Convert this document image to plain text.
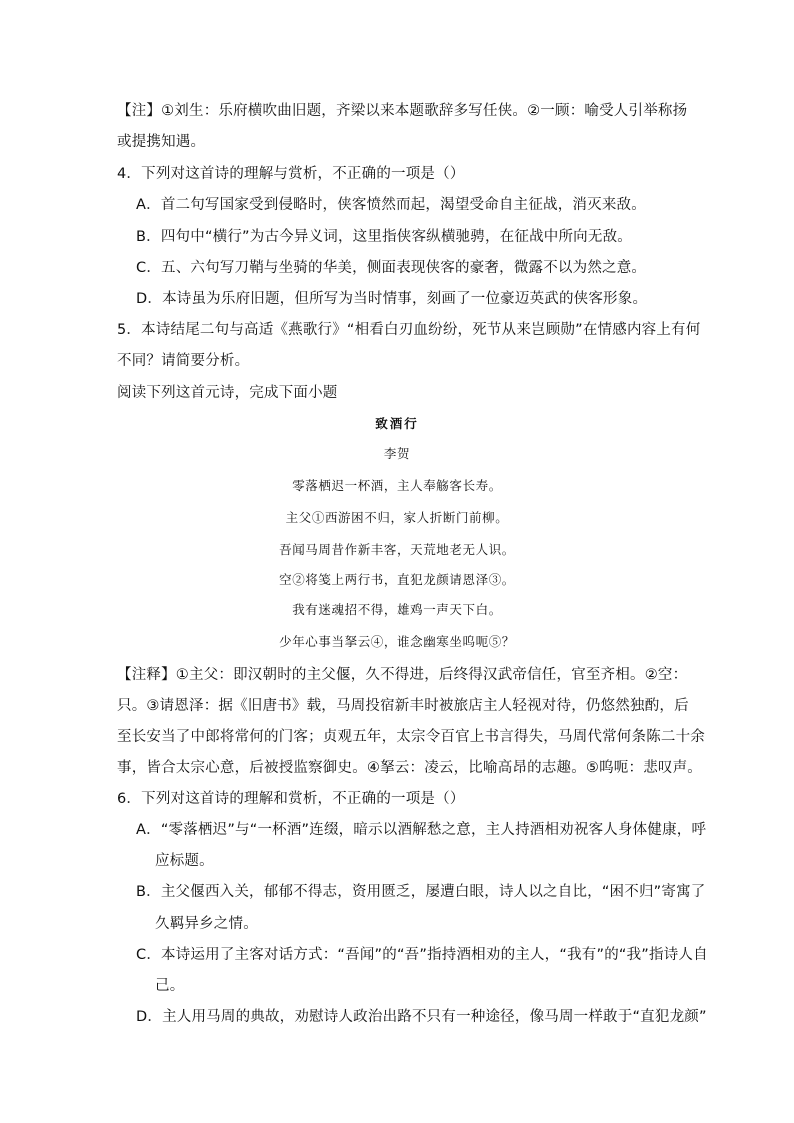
【注】①刘生：乐府横吹曲旧题，齐梁以来本题歌辞多写任侠。②一顾：喻受人引举称扬
或提携知遇。
4．下列对这首诗的理解与赏析，不正确的一项是（）
A．首二句写国家受到侵略时，侠客愤然而起，渴望受命自主征战，消灭来敌。
B．四句中“横行”为古今异义词，这里指侠客纵横驰骋，在征战中所向无敌。
C．五、六句写刀鞘与坐骑的华美，侧面表现侠客的豪奢，微露不以为然之意。
D．本诗虽为乐府旧题，但所写为当时情事，刻画了一位豪迈英武的侠客形象。
5．本诗结尾二句与高适《燕歌行》“相看白刃血纷纷，死节从来岂顾勋”在情感内容上有何
不同？请简要分析。
阅读下列这首元诗，完成下面小题
致酒行
李贺
零落栖迟一杯酒，主人奉觞客长寿。
主父①西游困不归，家人折断门前柳。
吾闻马周昔作新丰客，天荒地老无人识。
空②将笺上两行书，直犯龙颜请恩泽③。
我有迷魂招不得，雄鸡一声天下白。
少年心事当拏云④，谁念幽寒坐呜呃⑤？
【注释】①主父：即汉朝时的主父偃，久不得进，后终得汉武帝信任，官至齐相。②空：
只。③请恩泽：据《旧唐书》载，马周投宿新丰时被旅店主人轻视对待，仍悠然独酌，后
至长安当了中郎将常何的门客；贞观五年，太宗令百官上书言得失，马周代常何条陈二十余
事，皆合太宗心意，后被授监察御史。④拏云：凌云，比喻高昂的志趣。⑤呜呃：悲叹声。
6．下列对这首诗的理解和赏析，不正确的一项是（）
A．“零落栖迟”与“一杯酒”连缀，暗示以酒解愁之意，主人持酒相劝祝客人身体健康，呼
应标题。
B．主父偃西入关，郁郁不得志，资用匮乏，屡遭白眼，诗人以之自比，“困不归”寄寓了
久羁异乡之情。
C．本诗运用了主客对话方式：“吾闻”的“吾”指持酒相劝的主人，“我有”的“我”指诗人自
己。
D．主人用马周的典故，劝慰诗人政治出路不只有一种途径，像马周一样敢于“直犯龙颜”
